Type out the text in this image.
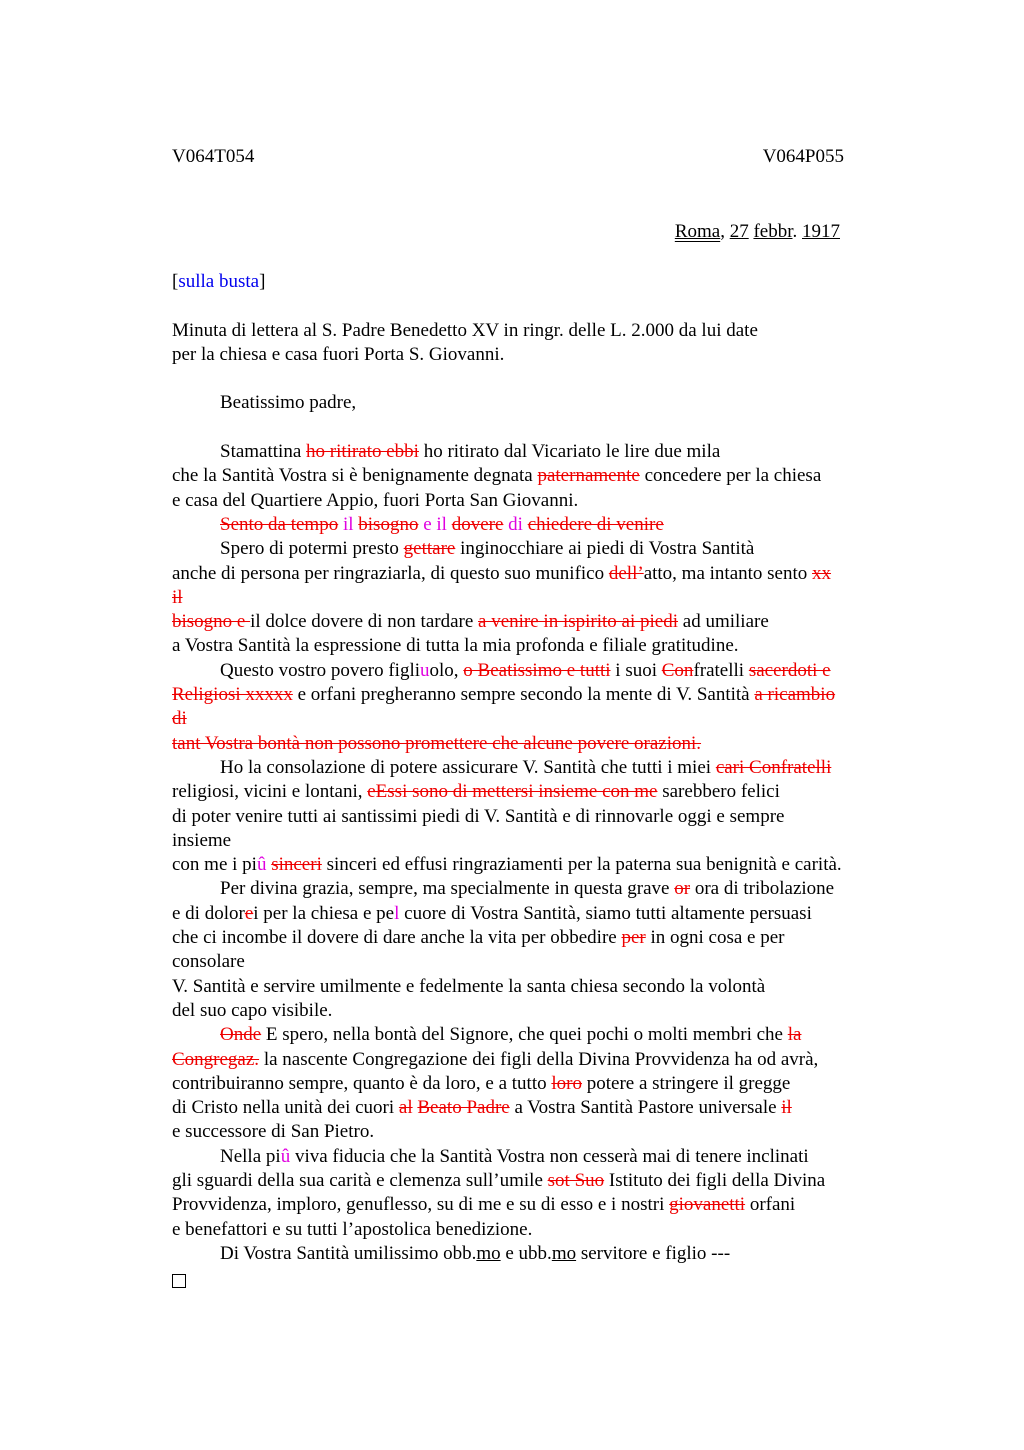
V064T054	V064P055
Roma, 27 febbr. 1917

[sulla busta]

Minuta di lettera al S. Padre Benedetto XV in ringr. delle L. 2.000 da lui date

per la chiesa e casa fuori Porta S. Giovanni.

Beatissimo padre,

Stamattina ho ritirato ebbi ho ritirato dal Vicariato le lire due mila

che la Santità Vostra si è benignamente degnata paternamente concedere per la chiesa

e casa del Quartiere Appio, fuori Porta San Giovanni.

Sento da tempo il bisogno e il dovere di chiedere di venire

Spero di potermi presto gettare inginocchiare ai piedi di Vostra Santità

anche di persona per ringraziarla, di questo suo munifico dell’atto, ma intanto sento xx

il

bisogno e il dolce dovere di non tardare a venire in ispirito ai piedi ad umiliare

a Vostra Santità la espressione di tutta la mia profonda e filiale gratitudine.

Questo vostro povero figliuolo, o Beatissimo e tutti i suoi Confratelli sacerdoti e

Religiosi xxxxx e orfani pregheranno sempre secondo la mente di V. Santità a ricambio

di

tant Vostra bontà non possono promettere che alcune povere orazioni.

Ho la consolazione di potere assicurare V. Santità che tutti i miei cari Confratelli

religiosi, vicini e lontani, eEssi sono di mettersi insieme con me sarebbero felici

di poter venire tutti ai santissimi piedi di V. Santità e di rinnovarle oggi e sempre

insieme

con me i piû sinceri sinceri ed effusi ringraziamenti per la paterna sua benignità e carità.

Per divina grazia, sempre, ma specialmente in questa grave or ora di tribolazione

e di dolorei per la chiesa e pel cuore di Vostra Santità, siamo tutti altamente persuasi

che ci incombe il dovere di dare anche la vita per obbedire per in ogni cosa e per

consolare

V. Santità e servire umilmente e fedelmente la santa chiesa secondo la volontà

del suo capo visibile.

Onde E spero, nella bontà del Signore, che quei pochi o molti membri che la

Congregaz. la nascente Congregazione dei figli della Divina Provvidenza ha od avrà,

contribuiranno sempre, quanto è da loro, e a tutto loro potere a stringere il gregge

di Cristo nella unità dei cuori al Beato Padre a Vostra Santità Pastore universale il

e successore di San Pietro.

Nella piû viva fiducia che la Santità Vostra non cesserà mai di tenere inclinati

gli sguardi della sua carità e clemenza sull’umile sot Suo Istituto dei figli della Divina

Provvidenza, imploro, genuflesso, su di me e su di esso e i nostri giovanetti orfani

e benefattori e su tutti l’apostolica benedizione.

Di Vostra Santità umilissimo obb.mo e ubb.mo servitore e figlio ---
